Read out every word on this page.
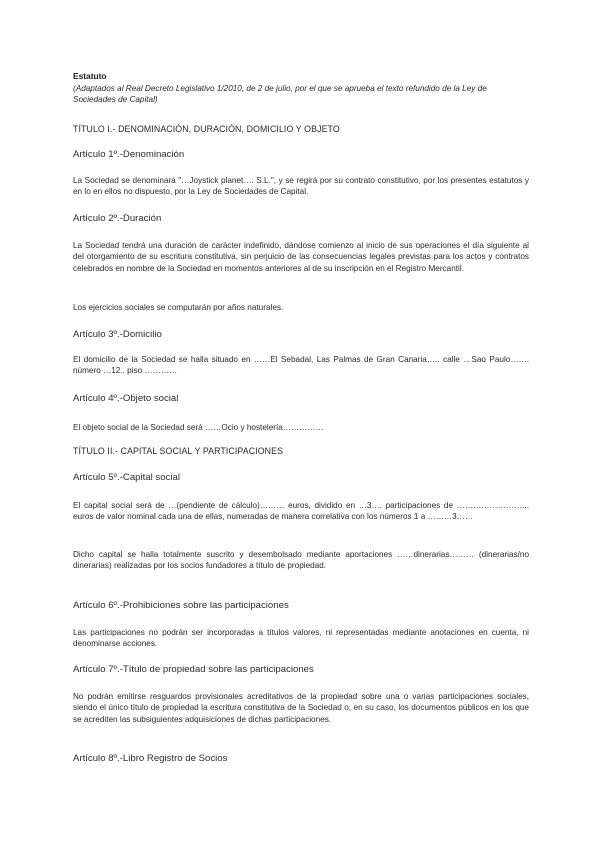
Estatuto

(Adaptados al Real Decreto Legislativo 1/2010, de 2 de julio, por el que se aprueba el texto refundido de la Ley de Sociedades de Capital)

TÍTULO I.- DENOMINACIÓN, DURACIÓN, DOMICILIO Y OBJETO

Artículo 1º.-Denominación

La Sociedad se denominará "…Joystick planet…. S.L.", y se regirá por su contrato constitutivo, por los presentes estatutos y en lo en ellos no dispuesto, por la Ley de Sociedades de Capital.

Artículo 2º.-Duración

La Sociedad tendrá una duración de carácter indefinido, dándose comienzo al inicio de sus operaciones el día siguiente al del otorgamiento de su escritura constitutiva, sin perjuicio de las consecuencias legales previstas para los actos y contratos celebrados en nombre de la Sociedad en momentos anteriores al de su inscripción en el Registro Mercantil.

Los ejercicios sociales se computarán por años naturales.

Artículo 3º.-Domicilio

El domicilio de la Sociedad se halla situado en ……El Sebadal, Las Palmas de Gran Canaria….. calle …Sao Paulo……. número …12.. piso …………

Artículo 4º.-Objeto social

El objeto social de la Sociedad será ……Ocio y hostelería……………

TÍTULO II.- CAPITAL SOCIAL Y PARTICIPACIONES

Artículo 5º.-Capital social

El capital social será de …(pendiente de cálculo)……… euros, dividido en …3…. participaciones de ……………………... euros de valor nominal cada una de ellas, numeradas de manera correlativa con los números 1 a ………3……

Dicho capital se halla totalmente suscrito y desembolsado mediante aportaciones ……dinerarias……… (dinerarias/no dinerarias) realizadas por los socios fundadores a título de propiedad.

Artículo 6º.-Prohibiciones sobre las participaciones

Las participaciones no podrán ser incorporadas a títulos valores, ni representadas mediante anotaciones en cuenta, ni denominarse acciones.

Artículo 7º.-Título de propiedad sobre las participaciones

No podrán emitirse resguardos provisionales acreditativos de la propiedad sobre una o varias participaciones sociales, siendo el único título de propiedad la escritura constitutiva de la Sociedad o, en su caso, los documentos públicos en los que se acrediten las subsiguientes adquisiciones de dichas participaciones.

Artículo 8º.-Libro Registro de Socios
